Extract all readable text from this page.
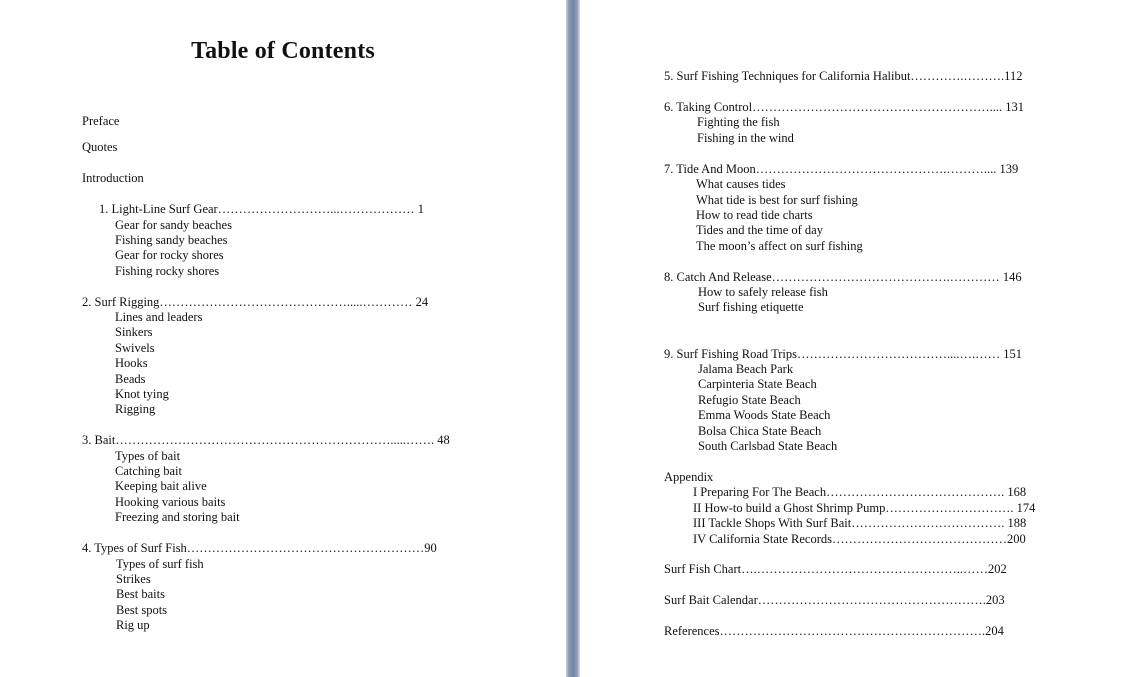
Table of Contents
Preface
Quotes
Introduction
1. Light-Line Surf Gear………………………...……………… 1
Gear for sandy beaches
Fishing sandy beaches
Gear for rocky shores
Fishing rocky shores
2. Surf Rigging……………………………………….....………… 24
Lines and leaders
Sinkers
Swivels
Hooks
Beads
Knot tying
Rigging
3. Bait………………………………………………………….....……. 48
Types of bait
Catching bait
Keeping bait alive
Hooking various baits
Freezing and storing bait
4. Types of Surf Fish…………………………………………………90
Types of surf fish
Strikes
Best baits
Best spots
Rig up
5. Surf Fishing Techniques for California Halibut………….……….112
6. Taking Control………………………………………………….... 131
Fighting the fish
Fishing in the wind
7. Tide And Moon……………………………………….……….... 139
What causes tides
What tide is best for surf fishing
How to read tide charts
Tides and the time of day
The moon’s affect on surf fishing
8. Catch And Release…………………………………….………… 146
How to safely release fish
Surf fishing etiquette
9. Surf Fishing Road Trips………………………………....….…… 151
Jalama Beach Park
Carpinteria State Beach
Refugio State Beach
Emma Woods State Beach
Bolsa Chica State Beach
South Carlsbad State Beach
Appendix
I Preparing For The Beach……………………………………. 168
II How-to build a Ghost Shrimp Pump…………………………. 174
III Tackle Shops With Surf Bait………………………………. 188
IV California State Records……………………………………200
Surf Fish Chart….…………………………………………..……202
Surf Bait Calendar……………………………………………….203
References……………………………………………………….204
